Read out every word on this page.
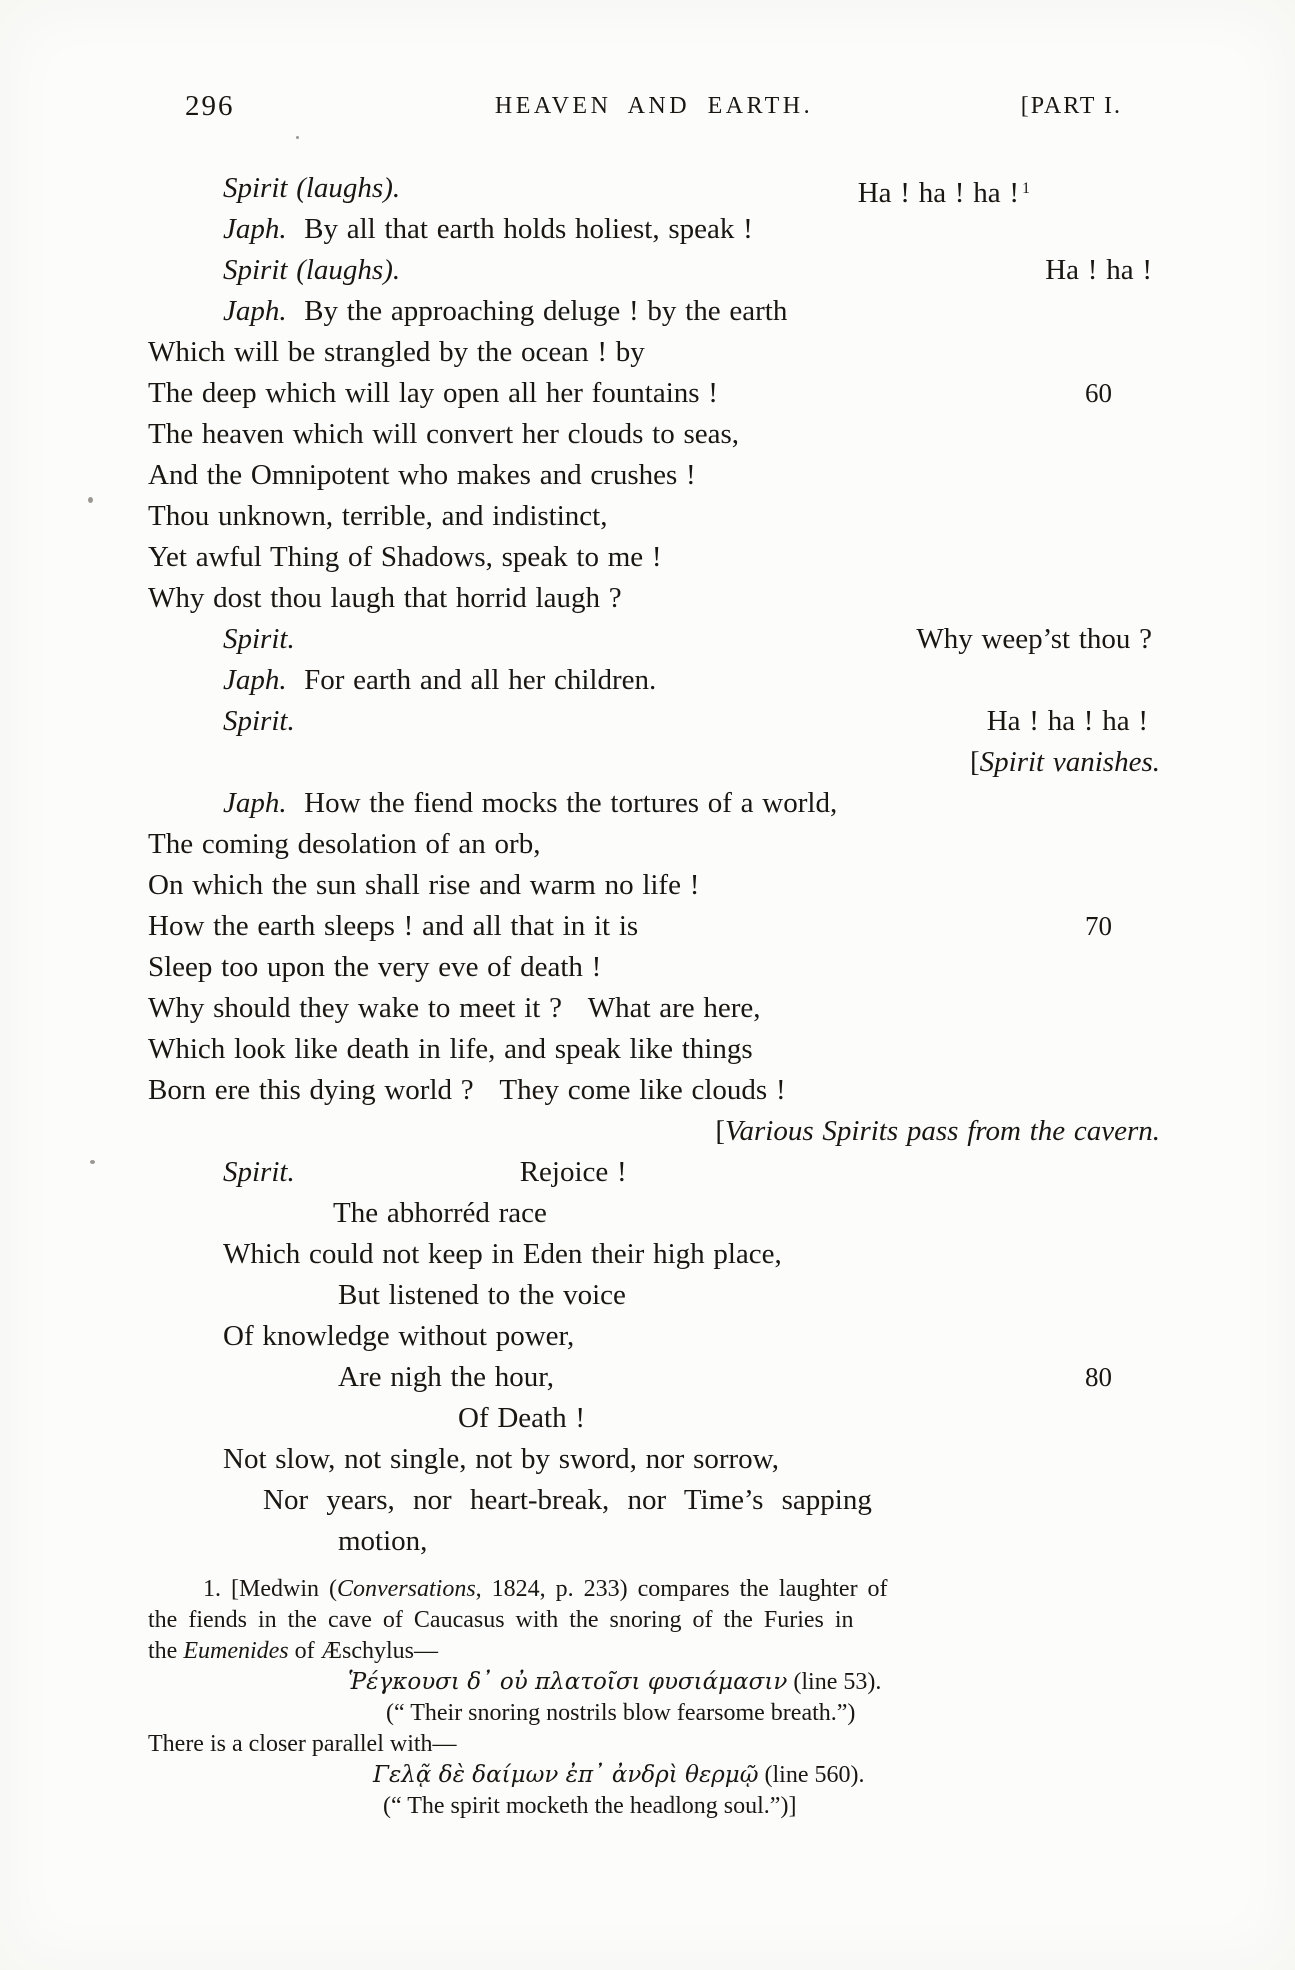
296	HEAVEN AND EARTH.	[PART I.
Spirit (laughs).	Ha ! ha ! ha ! $^1$
Japh.  By all that earth holds holiest, speak !
Spirit (laughs).	Ha ! ha !
Japh.  By the approaching deluge ! by the earth
Which will be strangled by the ocean ! by
The deep which will lay open all her fountains !	60
The heaven which will convert her clouds to seas,
And the Omnipotent who makes and crushes !
Thou unknown, terrible, and indistinct,
Yet awful Thing of Shadows, speak to me !
Why dost thou laugh that horrid laugh ?
Spirit.	Why weep’st thou ?
Japh.  For earth and all her children.
Spirit.	Ha ! ha ! ha !
[Spirit vanishes.
Japh.  How the fiend mocks the tortures of a world,
The coming desolation of an orb,
On which the sun shall rise and warm no life !
How the earth sleeps ! and all that in it is	70
Sleep too upon the very eve of death !
Why should they wake to meet it ?   What are here,
Which look like death in life, and speak like things
Born ere this dying world ?   They come like clouds !
[Various Spirits pass from the cavern.
Spirit.	Rejoice !
The abhorréd race
Which could not keep in Eden their high place,
But listened to the voice
Of knowledge without power,
Are nigh the hour,	80
Of Death !
Not slow, not single, not by sword, nor sorrow,
Nor years, nor heart-break, nor Time’s sapping
motion,
1. [Medwin (Conversations, 1824, p. 233) compares the laughter of
the fiends in the cave of Caucasus with the snoring of the Furies in
the Eumenides of Æschylus—
Ῥέγκουσι δ᾽ οὐ πλατοῖσι φυσιάμασιν (line 53).
(“ Their snoring nostrils blow fearsome breath.”)
There is a closer parallel with—
Γελᾷ δὲ δαίμων ἐπ᾽ ἀνδρὶ θερμῷ (line 560).
(“ The spirit mocketh the headlong soul.”)]
